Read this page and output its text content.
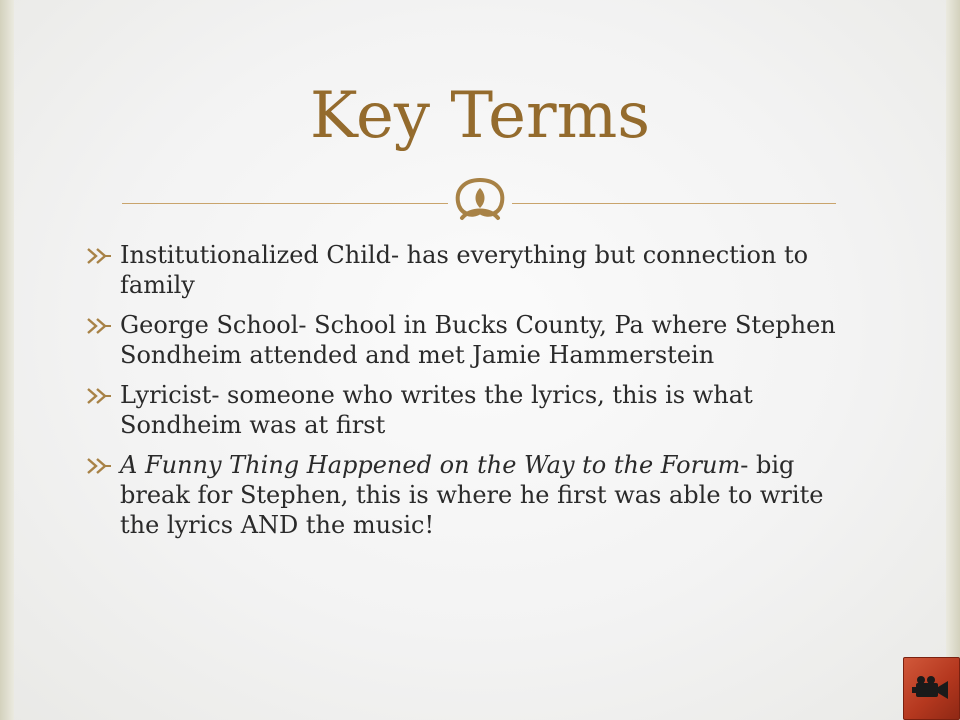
Key Terms
Institutionalized Child- has everything but connection to family
George School- School in Bucks County, Pa where Stephen Sondheim attended and met Jamie Hammerstein
Lyricist- someone who writes the lyrics, this is what Sondheim was at first
A Funny Thing Happened on the Way to the Forum- big break for Stephen, this is where he first was able to write the lyrics AND the music!
